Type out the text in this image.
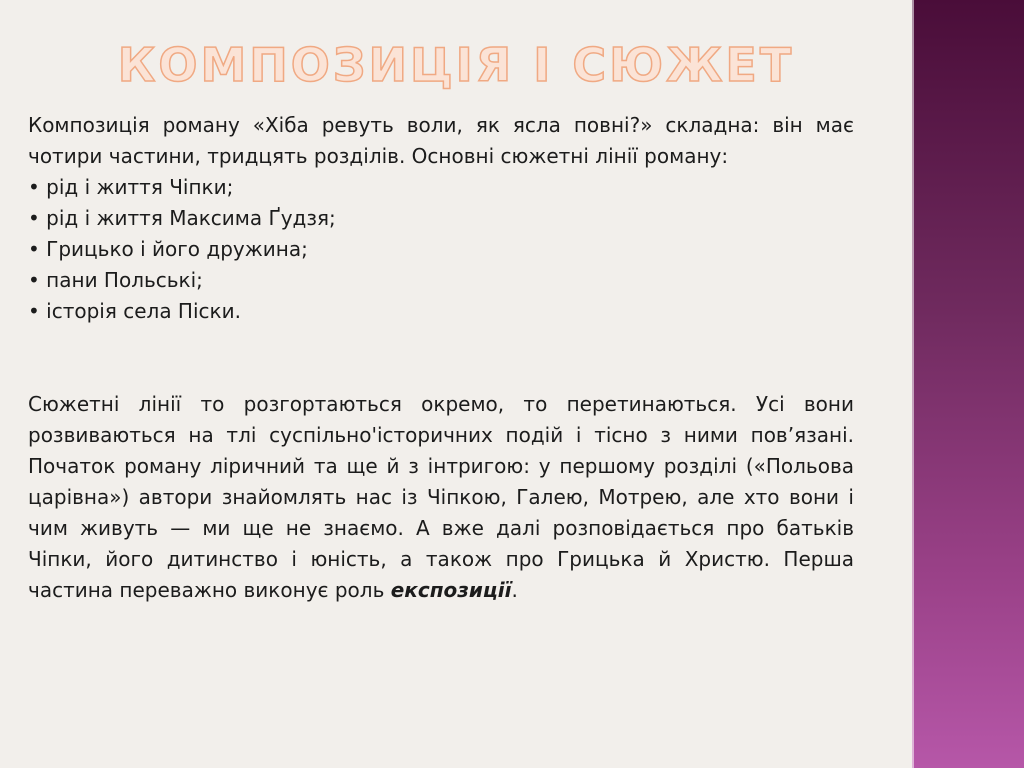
КОМПОЗИЦІЯ І СЮЖЕТ

Композиція роману «Хіба ревуть воли, як ясла повні?» складна: він має чотири частини, тридцять розділів. Основні сюжетні лінії роману:

• рід і життя Чіпки;
• рід і життя Максима Ґудзя;
• Грицько і його дружина;
• пани Польські;
• історія села Піски.

Сюжетні лінії то розгортаються окремо, то перетинаються. Усі вони розвиваються на тлі суспільно'історичних подій і тісно з ними пов’язані. Початок роману ліричний та ще й з інтригою: у першому розділі («Польова царівна») автори знайомлять нас із Чіпкою, Галею, Мотрею, але хто вони і чим живуть — ми ще не знаємо. А вже далі розповідається про батьків Чіпки, його дитинство і юність, а також про Грицька й Христю. Перша частина переважно виконує роль експозиції.
